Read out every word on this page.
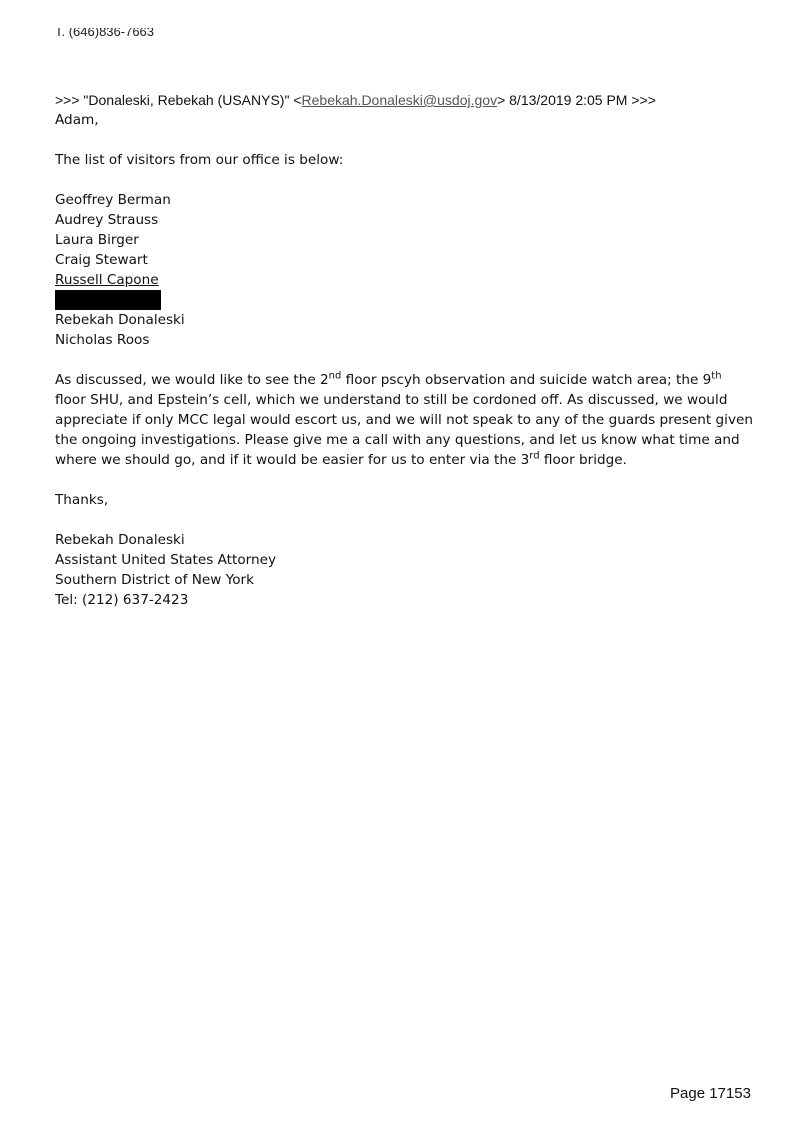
T. (646)836-7663
>>> "Donaleski, Rebekah (USANYS)" <Rebekah.Donaleski@usdoj.gov> 8/13/2019 2:05 PM >>>

Adam,

The list of visitors from our office is below:

Geoffrey Berman

Audrey Strauss

Laura Birger

Craig Stewart

Russell Capone

Rebekah Donaleski

Nicholas Roos

As discussed, we would like to see the 2nd floor pscyh observation and suicide watch area; the 9th floor SHU, and Epstein’s cell, which we understand to still be cordoned off. As discussed, we would appreciate if only MCC legal would escort us, and we will not speak to any of the guards present given the ongoing investigations. Please give me a call with any questions, and let us know what time and where we should go, and if it would be easier for us to enter via the 3rd floor bridge.

Thanks,

Rebekah Donaleski

Assistant United States Attorney

Southern District of New York

Tel: (212) 637-2423

Page 17153
